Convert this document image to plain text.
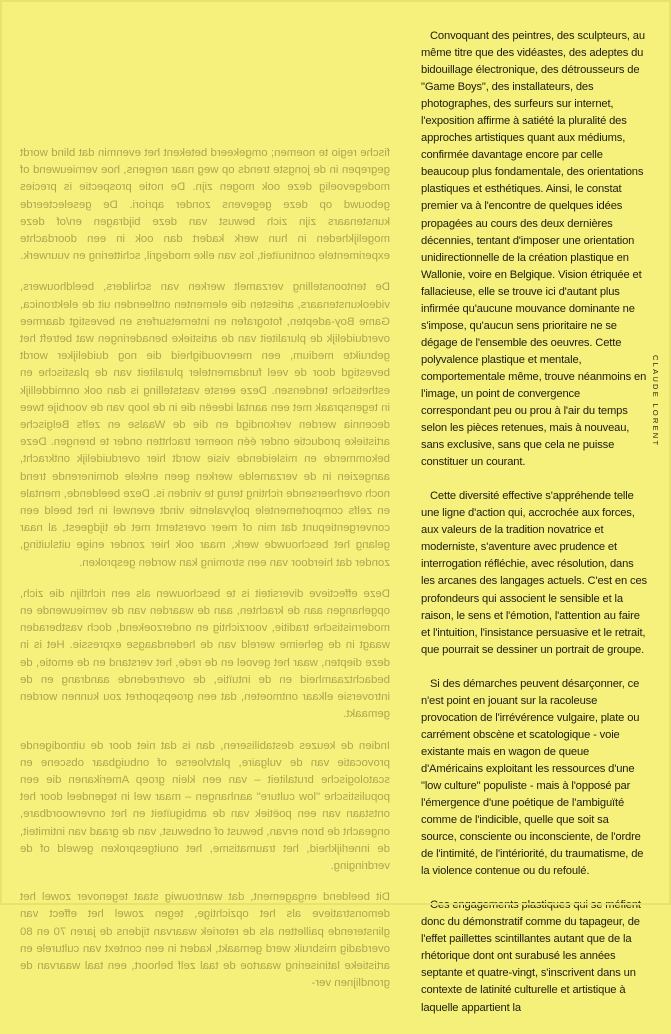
fische regio te noemen; omgekeerd betekent het evenmin dat blind wordt gegrepen in de jongste trends op weg naar nergens, hoe vernieuwend of modegevoelig deze ook mogen zijn. De notie prospectie is precies gebouwd op deze gegevens zonder apriori. De geselecteerde kunstenaars zijn zich bewust van deze bijdragen en/of deze mogelijkheden in hun werk kadert dan ook in een doordachte experimentele continuïteit, los van elke modegril, schittering en vuurwerk.

De tentoonstelling verzamelt werken van schilders, beeldhouwers, videokunstenaars, artiesten die elementen ontleenden uit de elektronica, Game Boy-adepten, fotografen en internetsurfers en bevestigt daarmee overduidelijk de pluraliteit van de artistieke benaderingen wat betreft het gebruikte medium, een meervoudigheid die nog duidelijker wordt bevestigd door de veel fundamenteler pluraliteit van de plastische en esthetische tendensen. Deze eerste vaststelling is dan ook onmiddellijk in tegenspraak met een aantal ideeën die in de loop van de voorbije twee decennia werden verkondigd en die de Waalse en zelfs Belgische artistieke productie onder één noemer trachtten onder te brengen. Deze bekommerde en misleidende visie wordt hier overduidelijk ontkracht, aangezien in de verzamelde werken geen enkele dominerende trend noch overheersende richting terug te vinden is. Deze beeldende, mentale en zelfs comportementele polyvalentie vindt evenwel in het beeld een convergentiepunt dat min of meer overstemt met de tijdgeest, al naar gelang het beschouwde werk, maar ook hier zonder enige uitsluiting, zonder dat hierdoor van een stroming kan worden gesproken.

Deze effectieve diversiteit is te beschouwen als een richtlijn die zich, opgehangen aan de krachten, aan de waarden van de vernieuwende en modernistische traditie, voorzichtig en onderzoekend, doch vastberaden waagt in de geheime wereld van de hedendaagse expressie. Het is in deze diepten, waar het gevoel en de rede, het verstand en de emotie, de bedachtzaamheid en de intuïtie, de overtredende aandrang en de introversie elkaar ontmoeten, dat een groepsportret zou kunnen worden gemaakt.

Indien de keuzes destabiliseren, dan is dat niet door de uitnodigende provocatie van de vulgaire, platvloerse of onbuigbaar obscene en scatologische brutaliteit – van een klein groep Amerikanen die een populistische "low culture" aanhangen – maar wel in tegendeel door het ontstaan van een poëtiek van de ambiguïteit en het onverwoordbare, ongeacht de bron ervan, bewust of onbewust, van de graad van intimiteit, de innerlijkheid, het traumatisme, het onuitgesproken geweld of de verdringing.

Dit beeldend engagement, dat wantrouwig staat tegenover zowel het demonstratieve als het opzichtige, tegen zowel het effect van glinsterende pailletten als de retoriek waarvan tijdens de jaren 70 en 80 overdadig misbruik werd gemaakt, kadert in een context van culturele en artistieke latinisering waartoe de taal zelf behoort, een taal waarvan de grondlijnen ver-

Convoquant des peintres, des sculpteurs, au même titre que des vidéastes, des adeptes du bidouillage électronique, des détrousseurs de "Game Boys", des installateurs, des photographes, des surfeurs sur internet, l'exposition affirme à satiété la pluralité des approches artistiques quant aux médiums, confirmée davantage encore par celle beaucoup plus fondamentale, des orientations plastiques et esthétiques. Ainsi, le constat premier va à l'encontre de quelques idées propagées au cours des deux dernières décennies, tentant d'imposer une orientation unidirectionnelle de la création plastique en Wallonie, voire en Belgique. Vision étriquée et fallacieuse, elle se trouve ici d'autant plus infirmée qu'aucune mouvance dominante ne s'impose, qu'aucun sens prioritaire ne se dégage de l'ensemble des oeuvres. Cette polyvalence plastique et mentale, comportementale même, trouve néanmoins en l'image, un point de convergence correspondant peu ou prou à l'air du temps selon les pièces retenues, mais à nouveau, sans exclusive, sans que cela ne puisse constituer un courant.

Cette diversité effective s'appréhende telle une ligne d'action qui, accrochée aux forces, aux valeurs de la tradition novatrice et moderniste, s'aventure avec prudence et interrogation réfléchie, avec résolution, dans les arcanes des langages actuels. C'est en ces profondeurs qui associent le sensible et la raison, le sens et l'émotion, l'attention au faire et l'intuition, l'insistance persuasive et le retrait, que pourrait se dessiner un portrait de groupe.

Si des démarches peuvent désarçonner, ce n'est point en jouant sur la racoleuse provocation de l'irrévérence vulgaire, plate ou carrément obscène et scatologique - voie existante mais en wagon de queue d'Américains exploitant les ressources d'une "low culture" populiste - mais à l'opposé par l'émergence d'une poétique de l'ambiguïté comme de l'indicible, quelle que soit sa source, consciente ou inconsciente, de l'ordre de l'intimité, de l'intériorité, du traumatisme, de la violence contenue ou du refoulé.

Ces engagements plastiques qui se méfient donc du démonstratif comme du tapageur, de l'effet paillettes scintillantes autant que de la rhétorique dont ont surabusé les années septante et quatre-vingt, s'inscrivent dans un contexte de latinité culturelle et artistique à laquelle appartient la

CLAUDE LORENT
